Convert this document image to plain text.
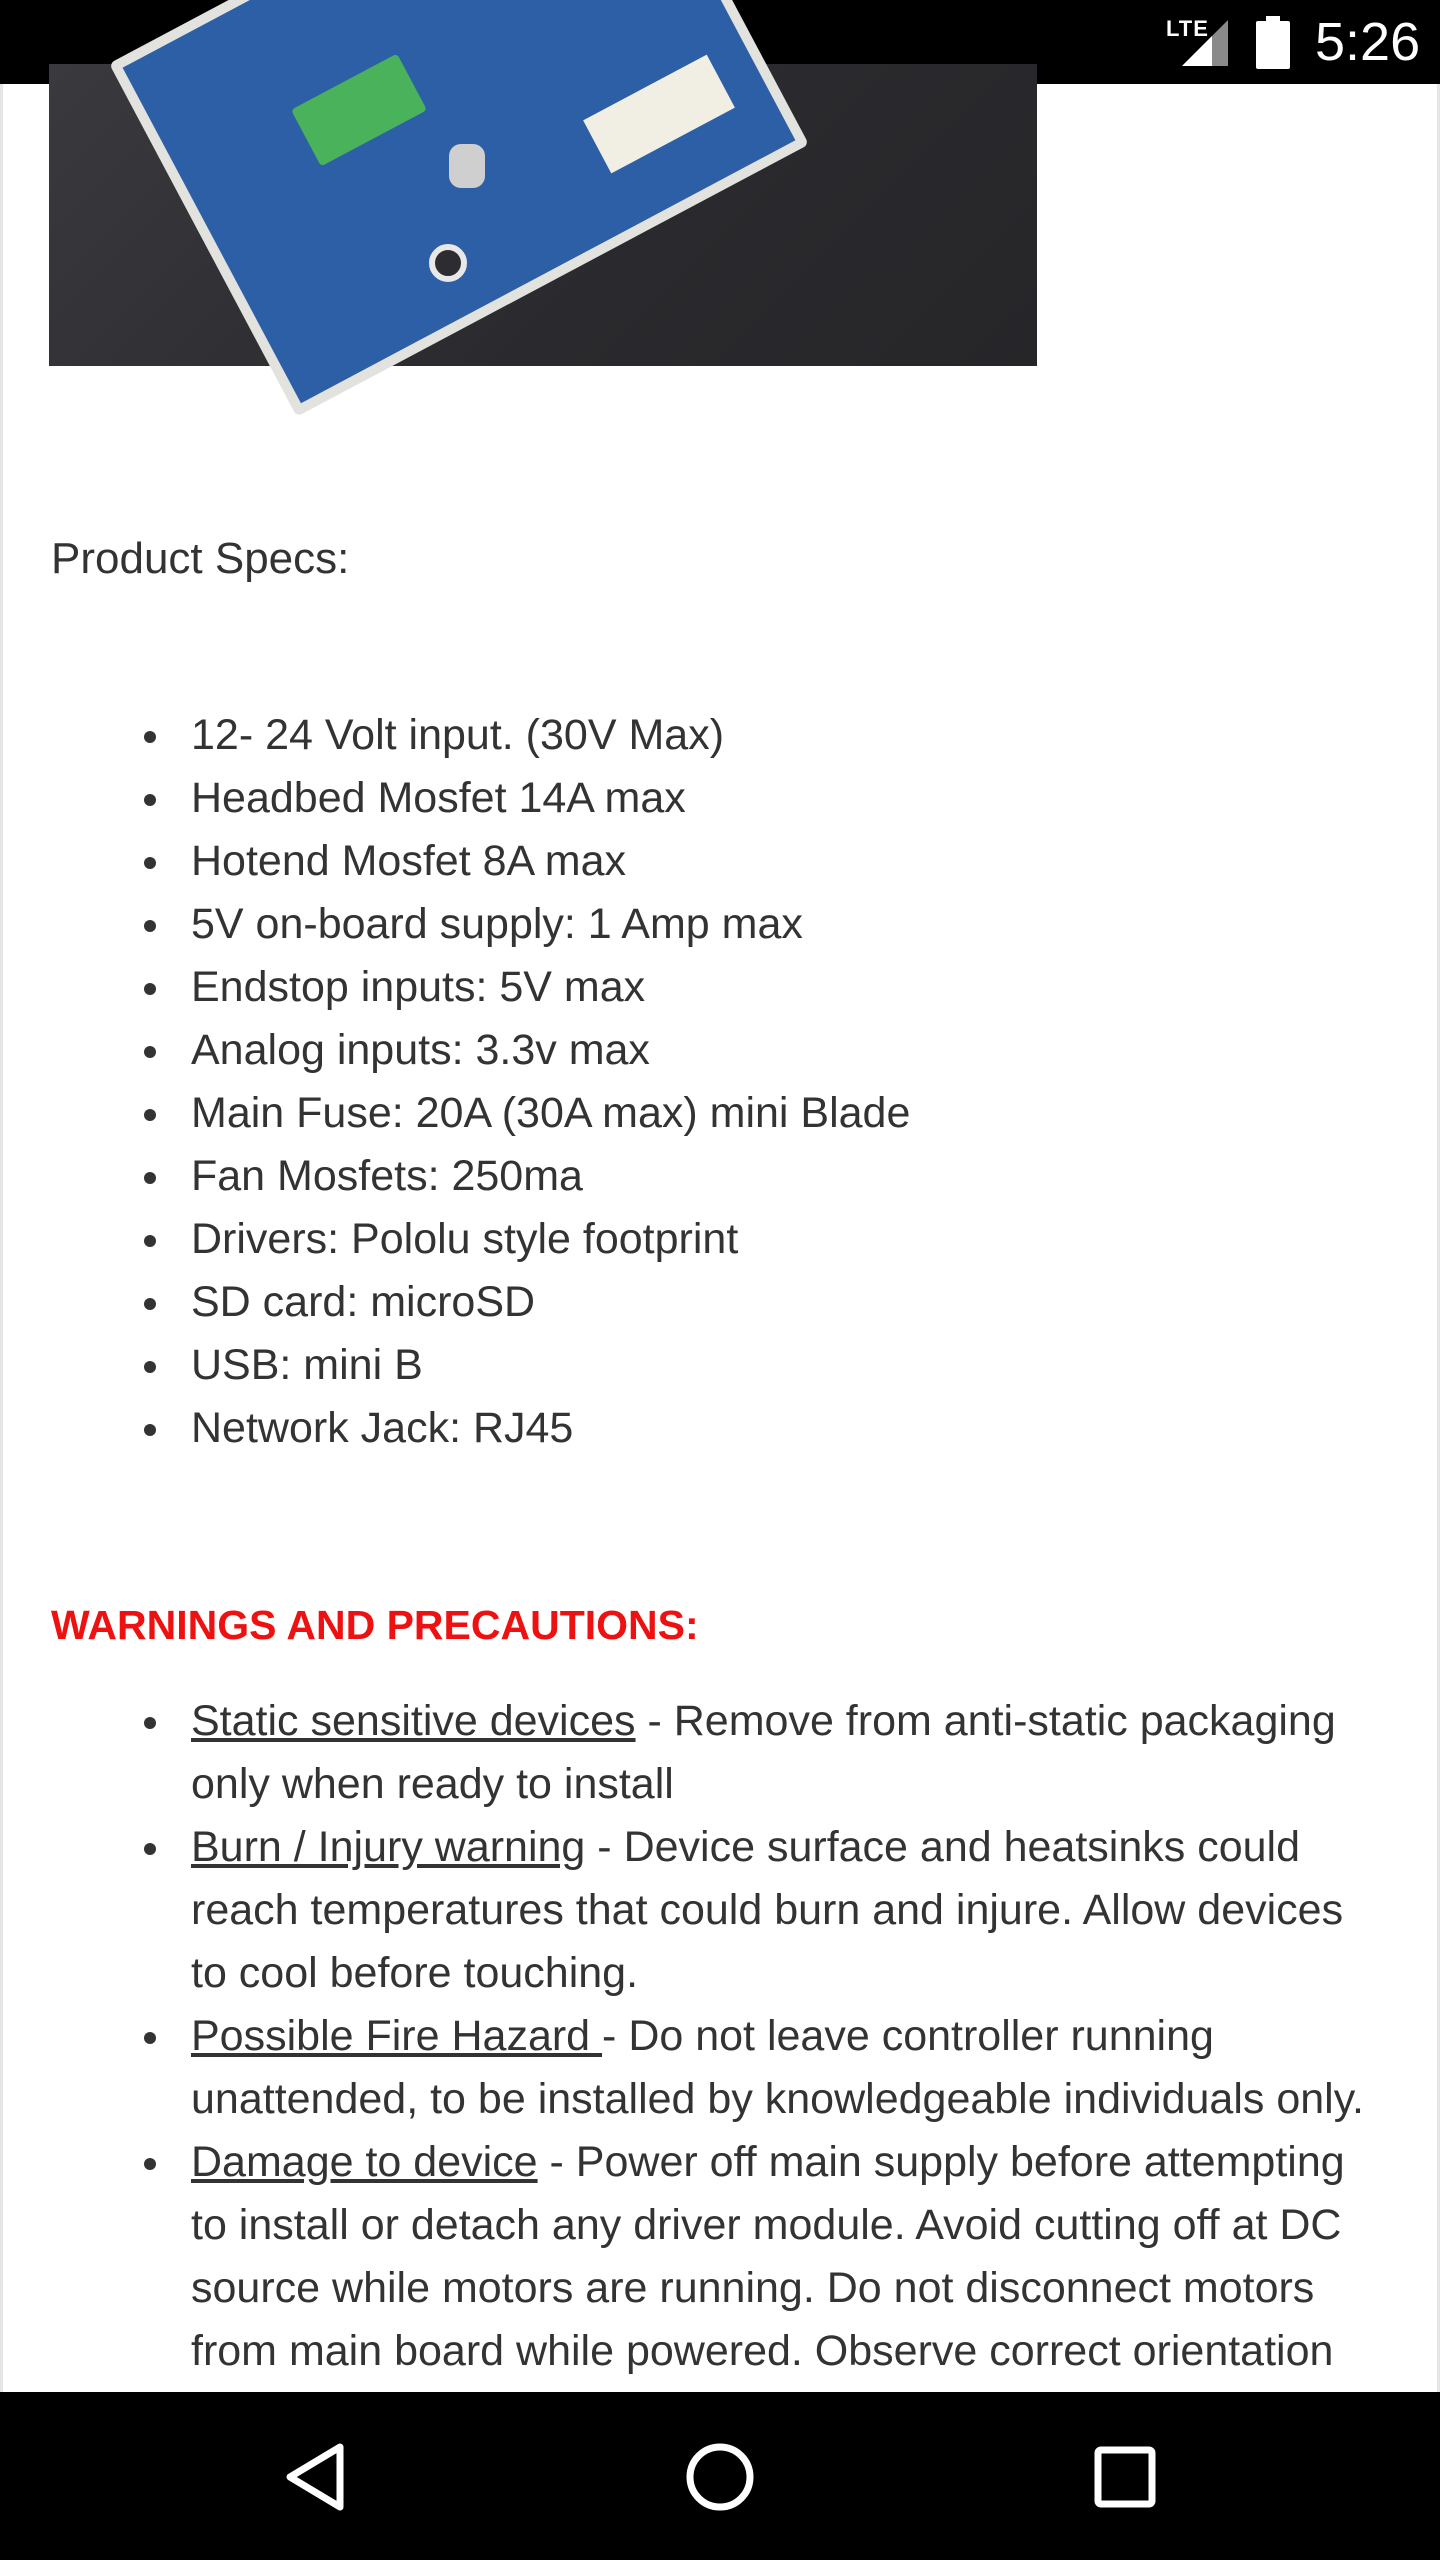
LTE 5:26
Product Specs:
12- 24 Volt input. (30V Max)
Headbed Mosfet 14A max
Hotend Mosfet 8A max
5V on-board supply: 1 Amp max
Endstop inputs: 5V max
Analog inputs: 3.3v max
Main Fuse: 20A (30A max) mini Blade
Fan Mosfets: 250ma
Drivers: Pololu style footprint
SD card: microSD
USB: mini B
Network Jack: RJ45
WARNINGS AND PRECAUTIONS:
Static sensitive devices - Remove from anti-static packaging only when ready to install
Burn / Injury warning - Device surface and heatsinks could reach temperatures that could burn and injure. Allow devices to cool before touching.
Possible Fire Hazard - Do not leave controller running unattended, to be installed by knowledgeable individuals only.
Damage to device - Power off main supply before attempting to install or detach any driver module. Avoid cutting off at DC source while motors are running. Do not disconnect motors from main board while powered. Observe correct orientation
